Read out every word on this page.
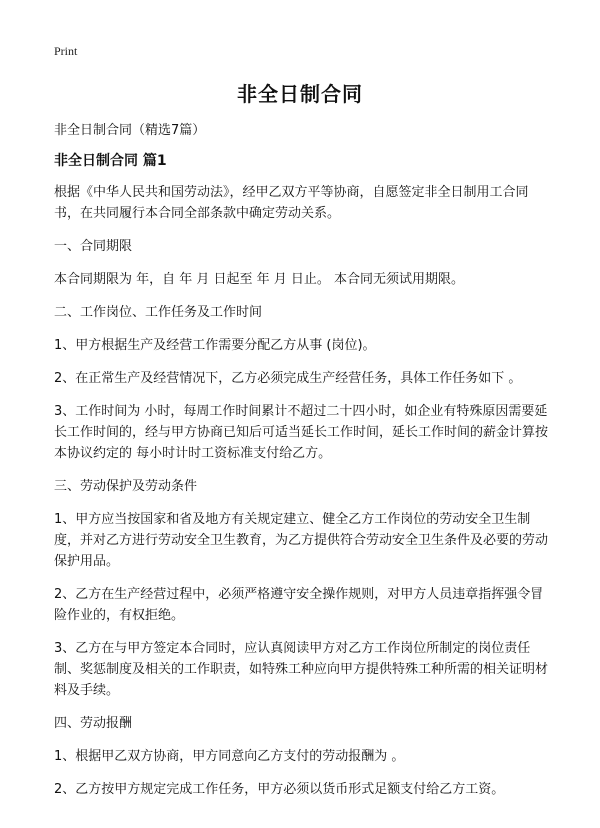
Print
非全日制合同

非全日制合同（精选7篇）

非全日制合同 篇1

根据《中华人民共和国劳动法》，经甲乙双方平等协商，自愿签定非全日制用工合同书，在共同履行本合同全部条款中确定劳动关系。

一、合同期限

本合同期限为 年，自 年 月 日起至 年 月 日止。 本合同无须试用期限。

二、工作岗位、工作任务及工作时间

1、甲方根据生产及经营工作需要分配乙方从事 (岗位)。

2、在正常生产及经营情况下，乙方必须完成生产经营任务，具体工作任务如下 。

3、工作时间为 小时，每周工作时间累计不超过二十四小时，如企业有特殊原因需要延 长工作时间的，经与甲方协商已知后可适当延长工作时间，延长工作时间的薪金计算按本协议约定的 每小时计时工资标准支付给乙方。

三、劳动保护及劳动条件

1、甲方应当按国家和省及地方有关规定建立、健全乙方工作岗位的劳动安全卫生制度，并对乙方进行劳动安全卫生教育，为乙方提供符合劳动安全卫生条件及必要的劳动保护用品。

2、乙方在生产经营过程中，必须严格遵守安全操作规则，对甲方人员违章指挥强令冒险作业的，有权拒绝。

3、乙方在与甲方签定本合同时，应认真阅读甲方对乙方工作岗位所制定的岗位责任制、奖惩制度及相关的工作职责，如特殊工种应向甲方提供特殊工种所需的相关证明材料及手续。

四、劳动报酬

1、根据甲乙双方协商，甲方同意向乙方支付的劳动报酬为 。

2、乙方按甲方规定完成工作任务，甲方必须以货币形式足额支付给乙方工资。
